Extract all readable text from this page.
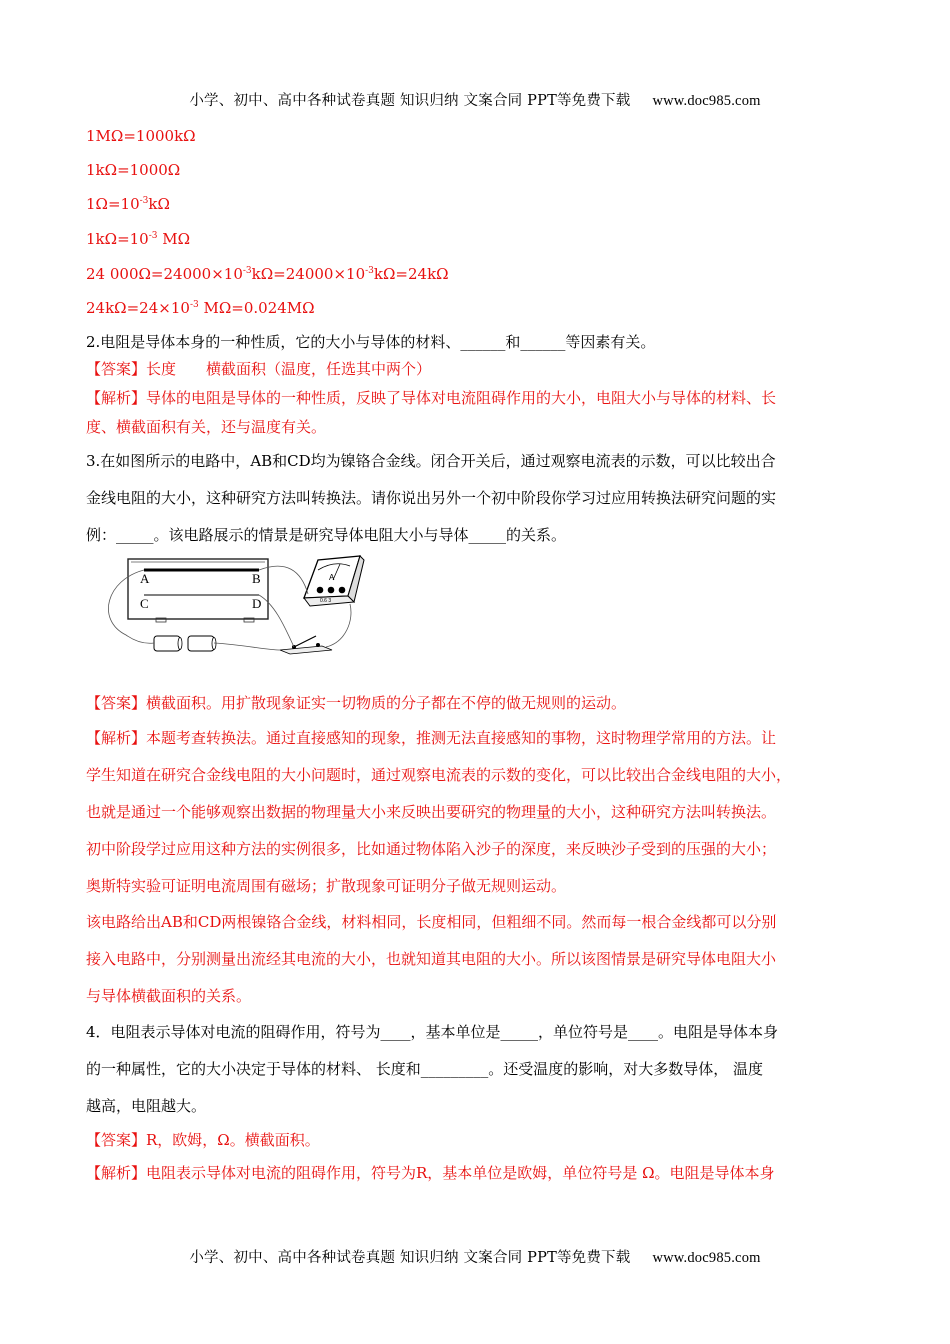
小学、初中、高中各种试卷真题 知识归纳 文案合同 PPT等免费下载 www.doc985.com
1MΩ=1000kΩ
1kΩ=1000Ω
$1\Omega=10^{-3}k\Omega$
$1k\Omega=10^{-3}$ MΩ
24 $000\Omega=24000\times 10^{-3}k\Omega=24000\times 10^{-3}k\Omega=24k\Omega$
$24k\Omega=24\times 10^{-3}$ MΩ=0.024MΩ
2.电阻是导体本身的一种性质，它的大小与导体的材料、______和______等因素有关。
【答案】长度　　横截面积（温度，任选其中两个）
【解析】导体的电阻是导体的一种性质，反映了导体对电流阻碍作用的大小，电阻大小与导体的材料、长
度、横截面积有关，还与温度有关。
3.在如图所示的电路中，AB和CD均为镍铬合金线。闭合开关后，通过观察电流表的示数，可以比较出合
金线电阻的大小，这种研究方法叫转换法。请你说出另外一个初中阶段你学习过应用转换法研究问题的实
例：_____。该电路展示的情景是研究导体电阻大小与导体_____的关系。
A	B
C	D
A
0.6 3
【答案】横截面积。用扩散现象证实一切物质的分子都在不停的做无规则的运动。
【解析】本题考查转换法。通过直接感知的现象，推测无法直接感知的事物，这时物理学常用的方法。让
学生知道在研究合金线电阻的大小问题时，通过观察电流表的示数的变化，可以比较出合金线电阻的大小，
也就是通过一个能够观察出数据的物理量大小来反映出要研究的物理量的大小，这种研究方法叫转换法。
初中阶段学过应用这种方法的实例很多，比如通过物体陷入沙子的深度，来反映沙子受到的压强的大小；
奥斯特实验可证明电流周围有磁场；扩散现象可证明分子做无规则运动。
该电路给出AB和CD两根镍铬合金线，材料相同，长度相同，但粗细不同。然而每一根合金线都可以分别
接入电路中，分别测量出流经其电流的大小，也就知道其电阻的大小。所以该图情景是研究导体电阻大小
与导体横截面积的关系。
4．电阻表示导体对电流的阻碍作用，符号为____，基本单位是_____，单位符号是____。电阻是导体本身
的一种属性，它的大小决定于导体的材料、 长度和_________。还受温度的影响，对大多数导体， 温度
越高，电阻越大。
【答案】R，欧姆，Ω。横截面积。
【解析】电阻表示导体对电流的阻碍作用，符号为R，基本单位是欧姆，单位符号是 Ω。电阻是导体本身
小学、初中、高中各种试卷真题 知识归纳 文案合同 PPT等免费下载 www.doc985.com
